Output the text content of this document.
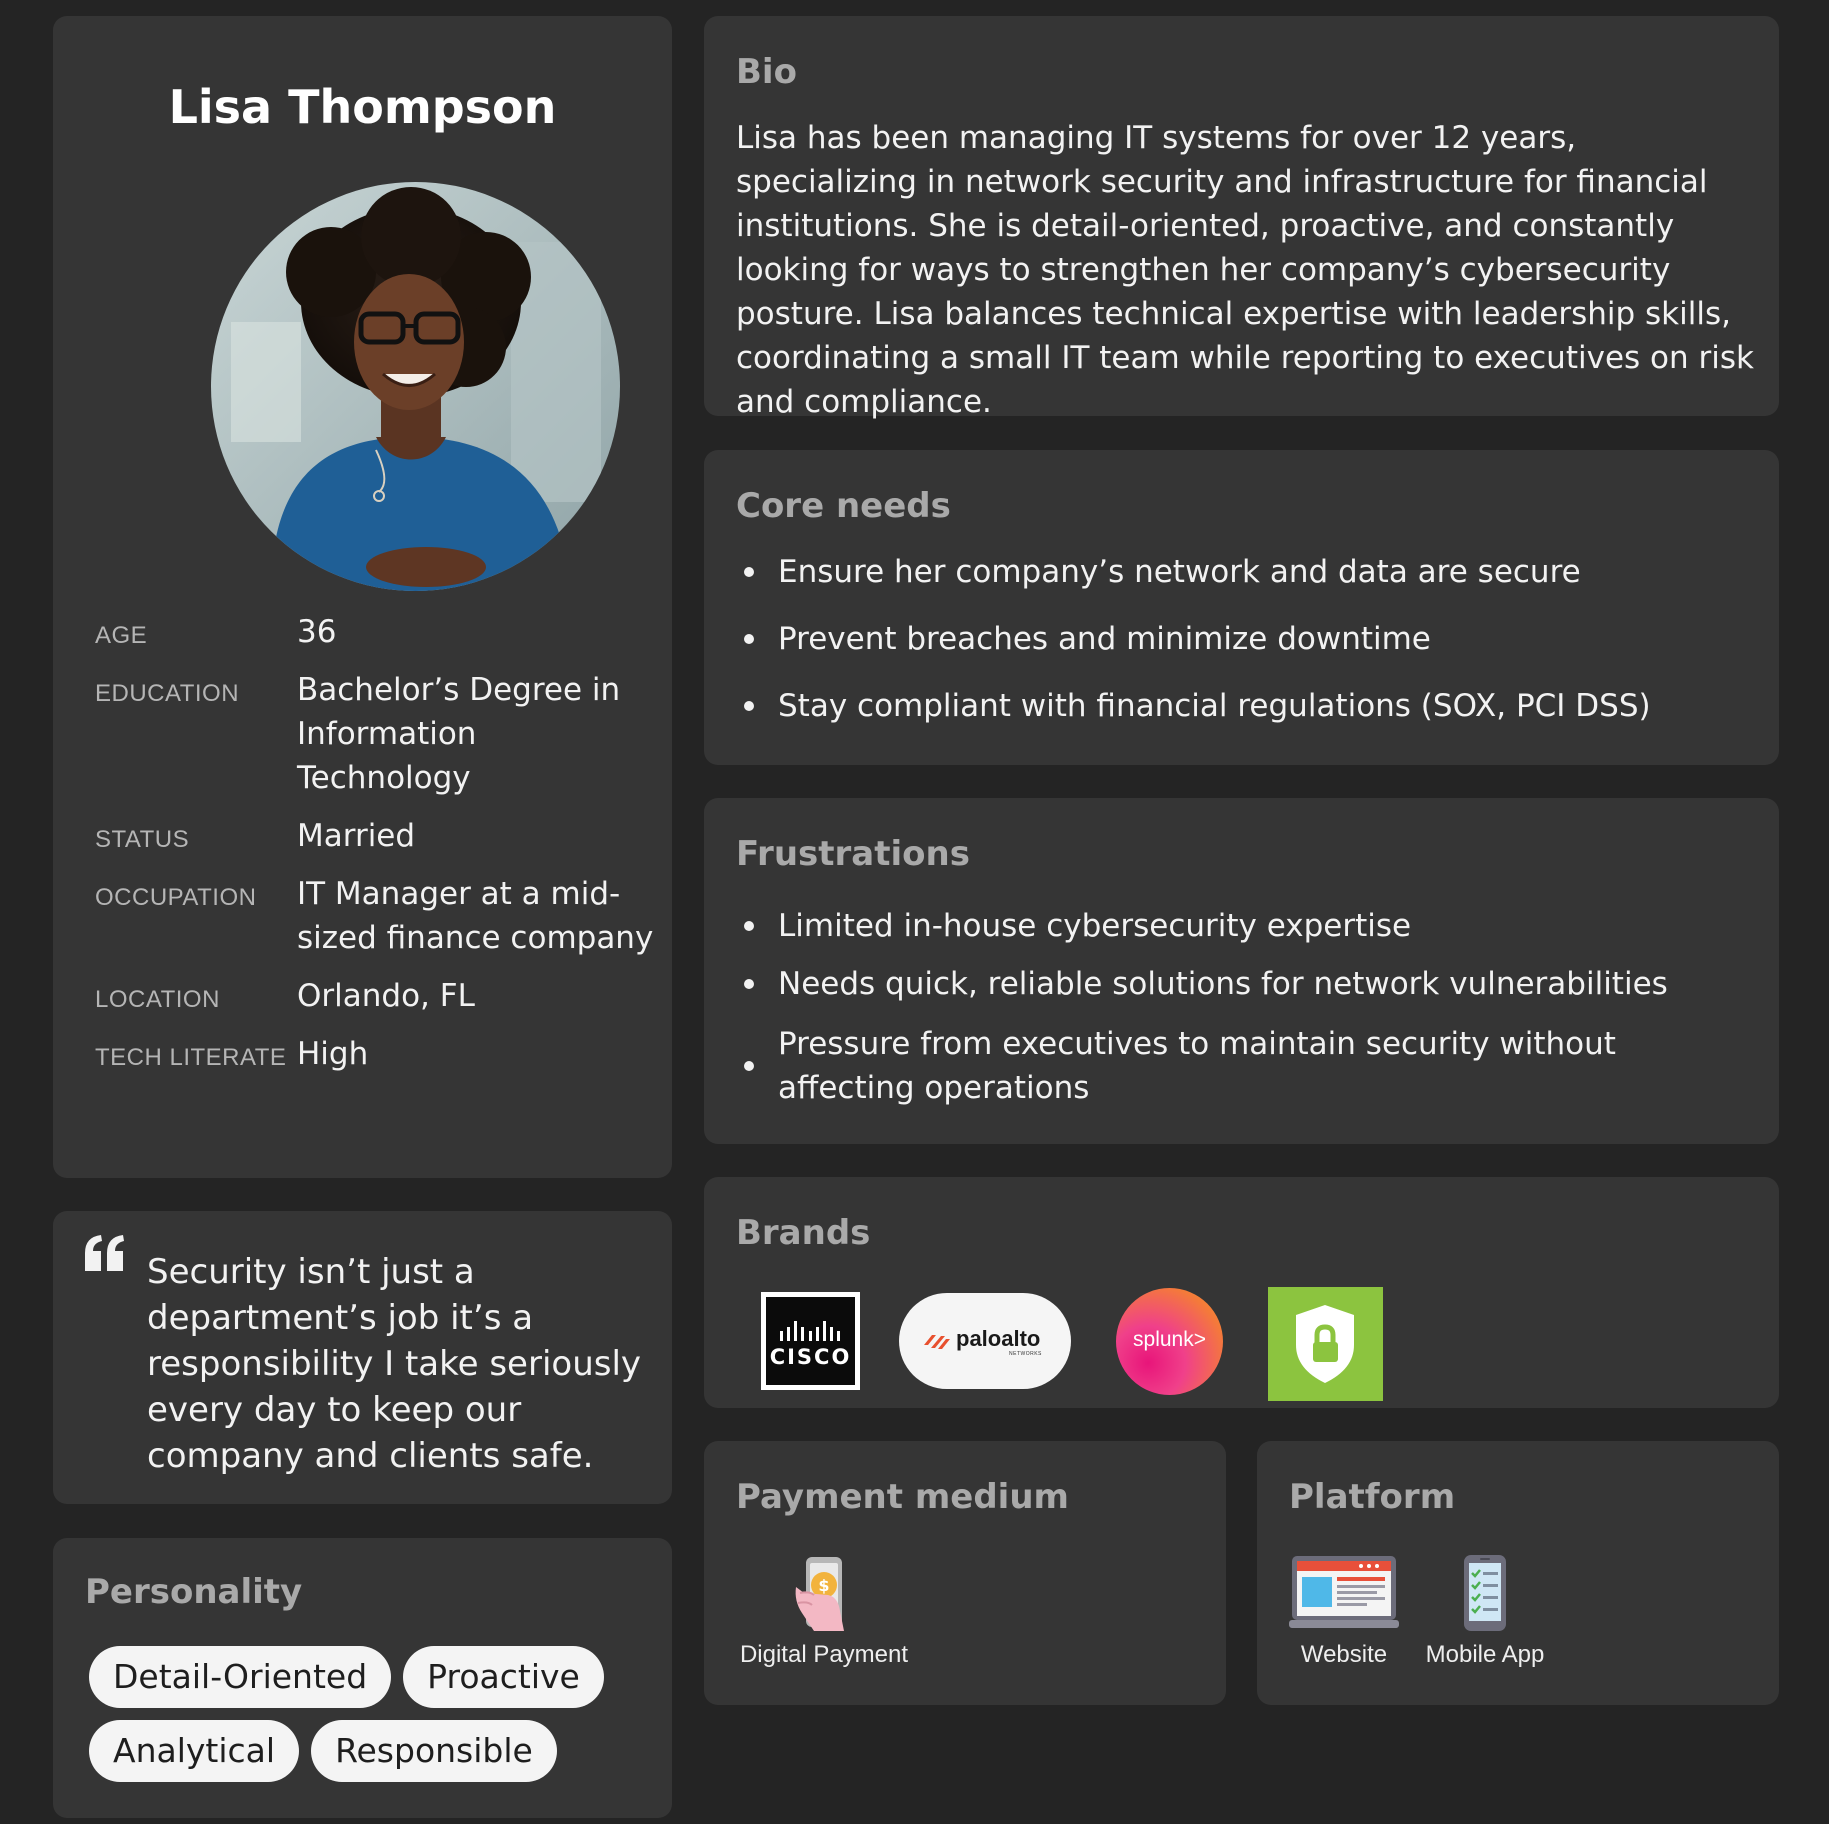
Lisa Thompson
AGE	36
EDUCATION	Bachelor’s Degree in Information Technology
STATUS	Married
OCCUPATION	IT Manager at a mid-sized finance company
LOCATION	Orlando, FL
TECH LITERATE High
Security isn’t just a department’s job it’s a responsibility I take seriously every day to keep our company and clients safe.
Personality
Detail-Oriented	Proactive
Analytical	Responsible
Bio
Lisa has been managing IT systems for over 12 years, specializing in network security and infrastructure for financial institutions. She is detail-oriented, proactive, and constantly looking for ways to strengthen her company’s cybersecurity posture. Lisa balances technical expertise with leadership skills, coordinating a small IT team while reporting to executives on risk and compliance.
Core needs
Ensure her company’s network and data are secure
Prevent breaches and minimize downtime
Stay compliant with financial regulations (SOX, PCI DSS)
Frustrations
Limited in-house cybersecurity expertise
Needs quick, reliable solutions for network vulnerabilities
Pressure from executives to maintain security without affecting operations
Brands
CISCO
paloalto
NETWORKS
splunk>
Payment medium
$
Digital Payment
Platform
Website	Mobile App
